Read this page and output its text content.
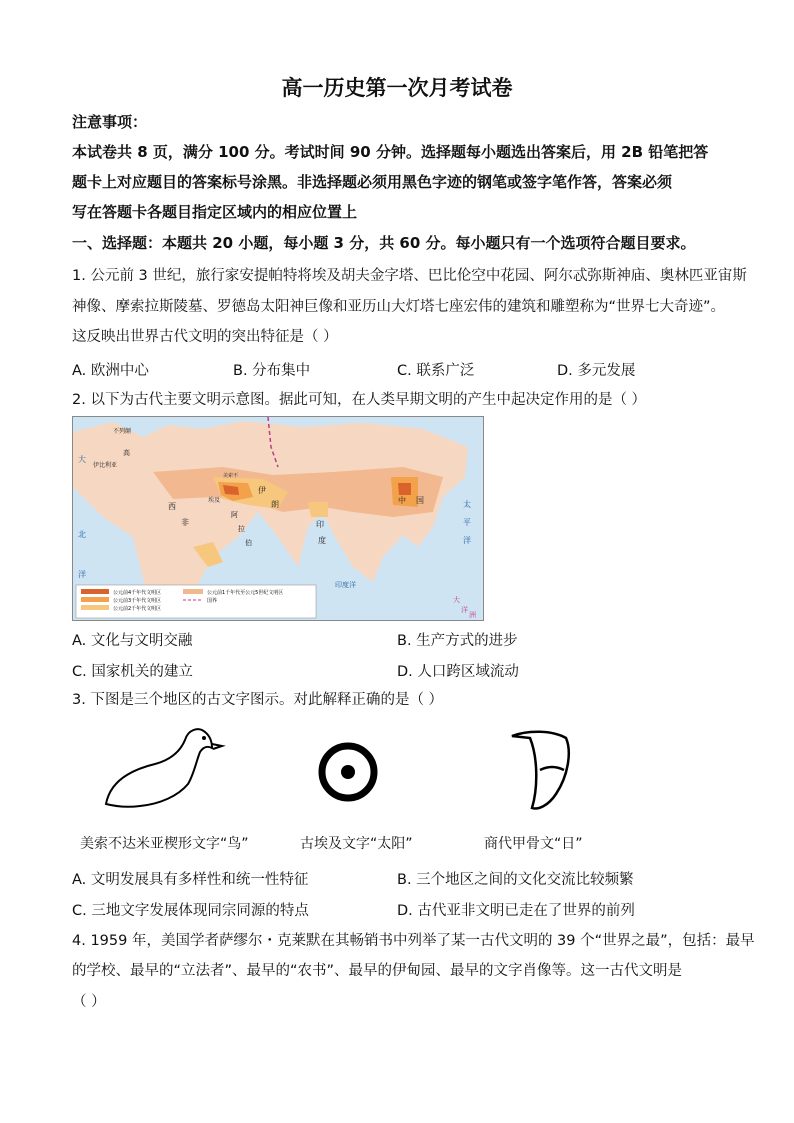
高一历史第一次月考试卷
注意事项：
本试卷共 8 页，满分 100 分。考试时间 90 分钟。选择题每小题选出答案后，用 2B 铅笔把答
题卡上对应题目的答案标号涂黑。非选择题必须用黑色字迹的钢笔或签字笔作答，答案必须
写在答题卡各题目指定区域内的相应位置上
一、选择题：本题共 20 小题，每小题 3 分，共 60 分。每小题只有一个选项符合题目要求。
1. 公元前 3 世纪，旅行家安提帕特将埃及胡夫金字塔、巴比伦空中花园、阿尔忒弥斯神庙、奥林匹亚宙斯
神像、摩索拉斯陵墓、罗德岛太阳神巨像和亚历山大灯塔七座宏伟的建筑和雕塑称为“世界七大奇迹”。
这反映出世界古代文明的突出特征是（ ）
A. 欧洲中心	B. 分布集中	C. 联系广泛	D. 多元发展
2. 以下为古代主要文明示意图。据此可知，在人类早期文明的产生中起决定作用的是（ ）
不列颠
高
伊比利亚
西
非
大
北
埃及
阿
拉
伯
伊
朗
美索不
印
度
中 国	太
平
洋
大
洋
洲
印度洋
洋
公元前4千年代文明区
公元前3千年代文明区
公元前2千年代文明区
公元前1千年代至公元5世纪文明区
国界
A. 文化与文明交融	B. 生产方式的进步
C. 国家机关的建立	D. 人口跨区域流动
3. 下图是三个地区的古文字图示。对此解释正确的是（ ）
美索不达米亚楔形文字“鸟”	古埃及文字“太阳”	商代甲骨文“日”
A. 文明发展具有多样性和统一性特征	B. 三个地区之间的文化交流比较频繁
C. 三地文字发展体现同宗同源的特点	D. 古代亚非文明已走在了世界的前列
4. 1959 年，美国学者萨缪尔・克莱默在其畅销书中列举了某一古代文明的 39 个“世界之最”，包括：最早
的学校、最早的“立法者”、最早的“农书”、最早的伊甸园、最早的文字肖像等。这一古代文明是
（ ）
